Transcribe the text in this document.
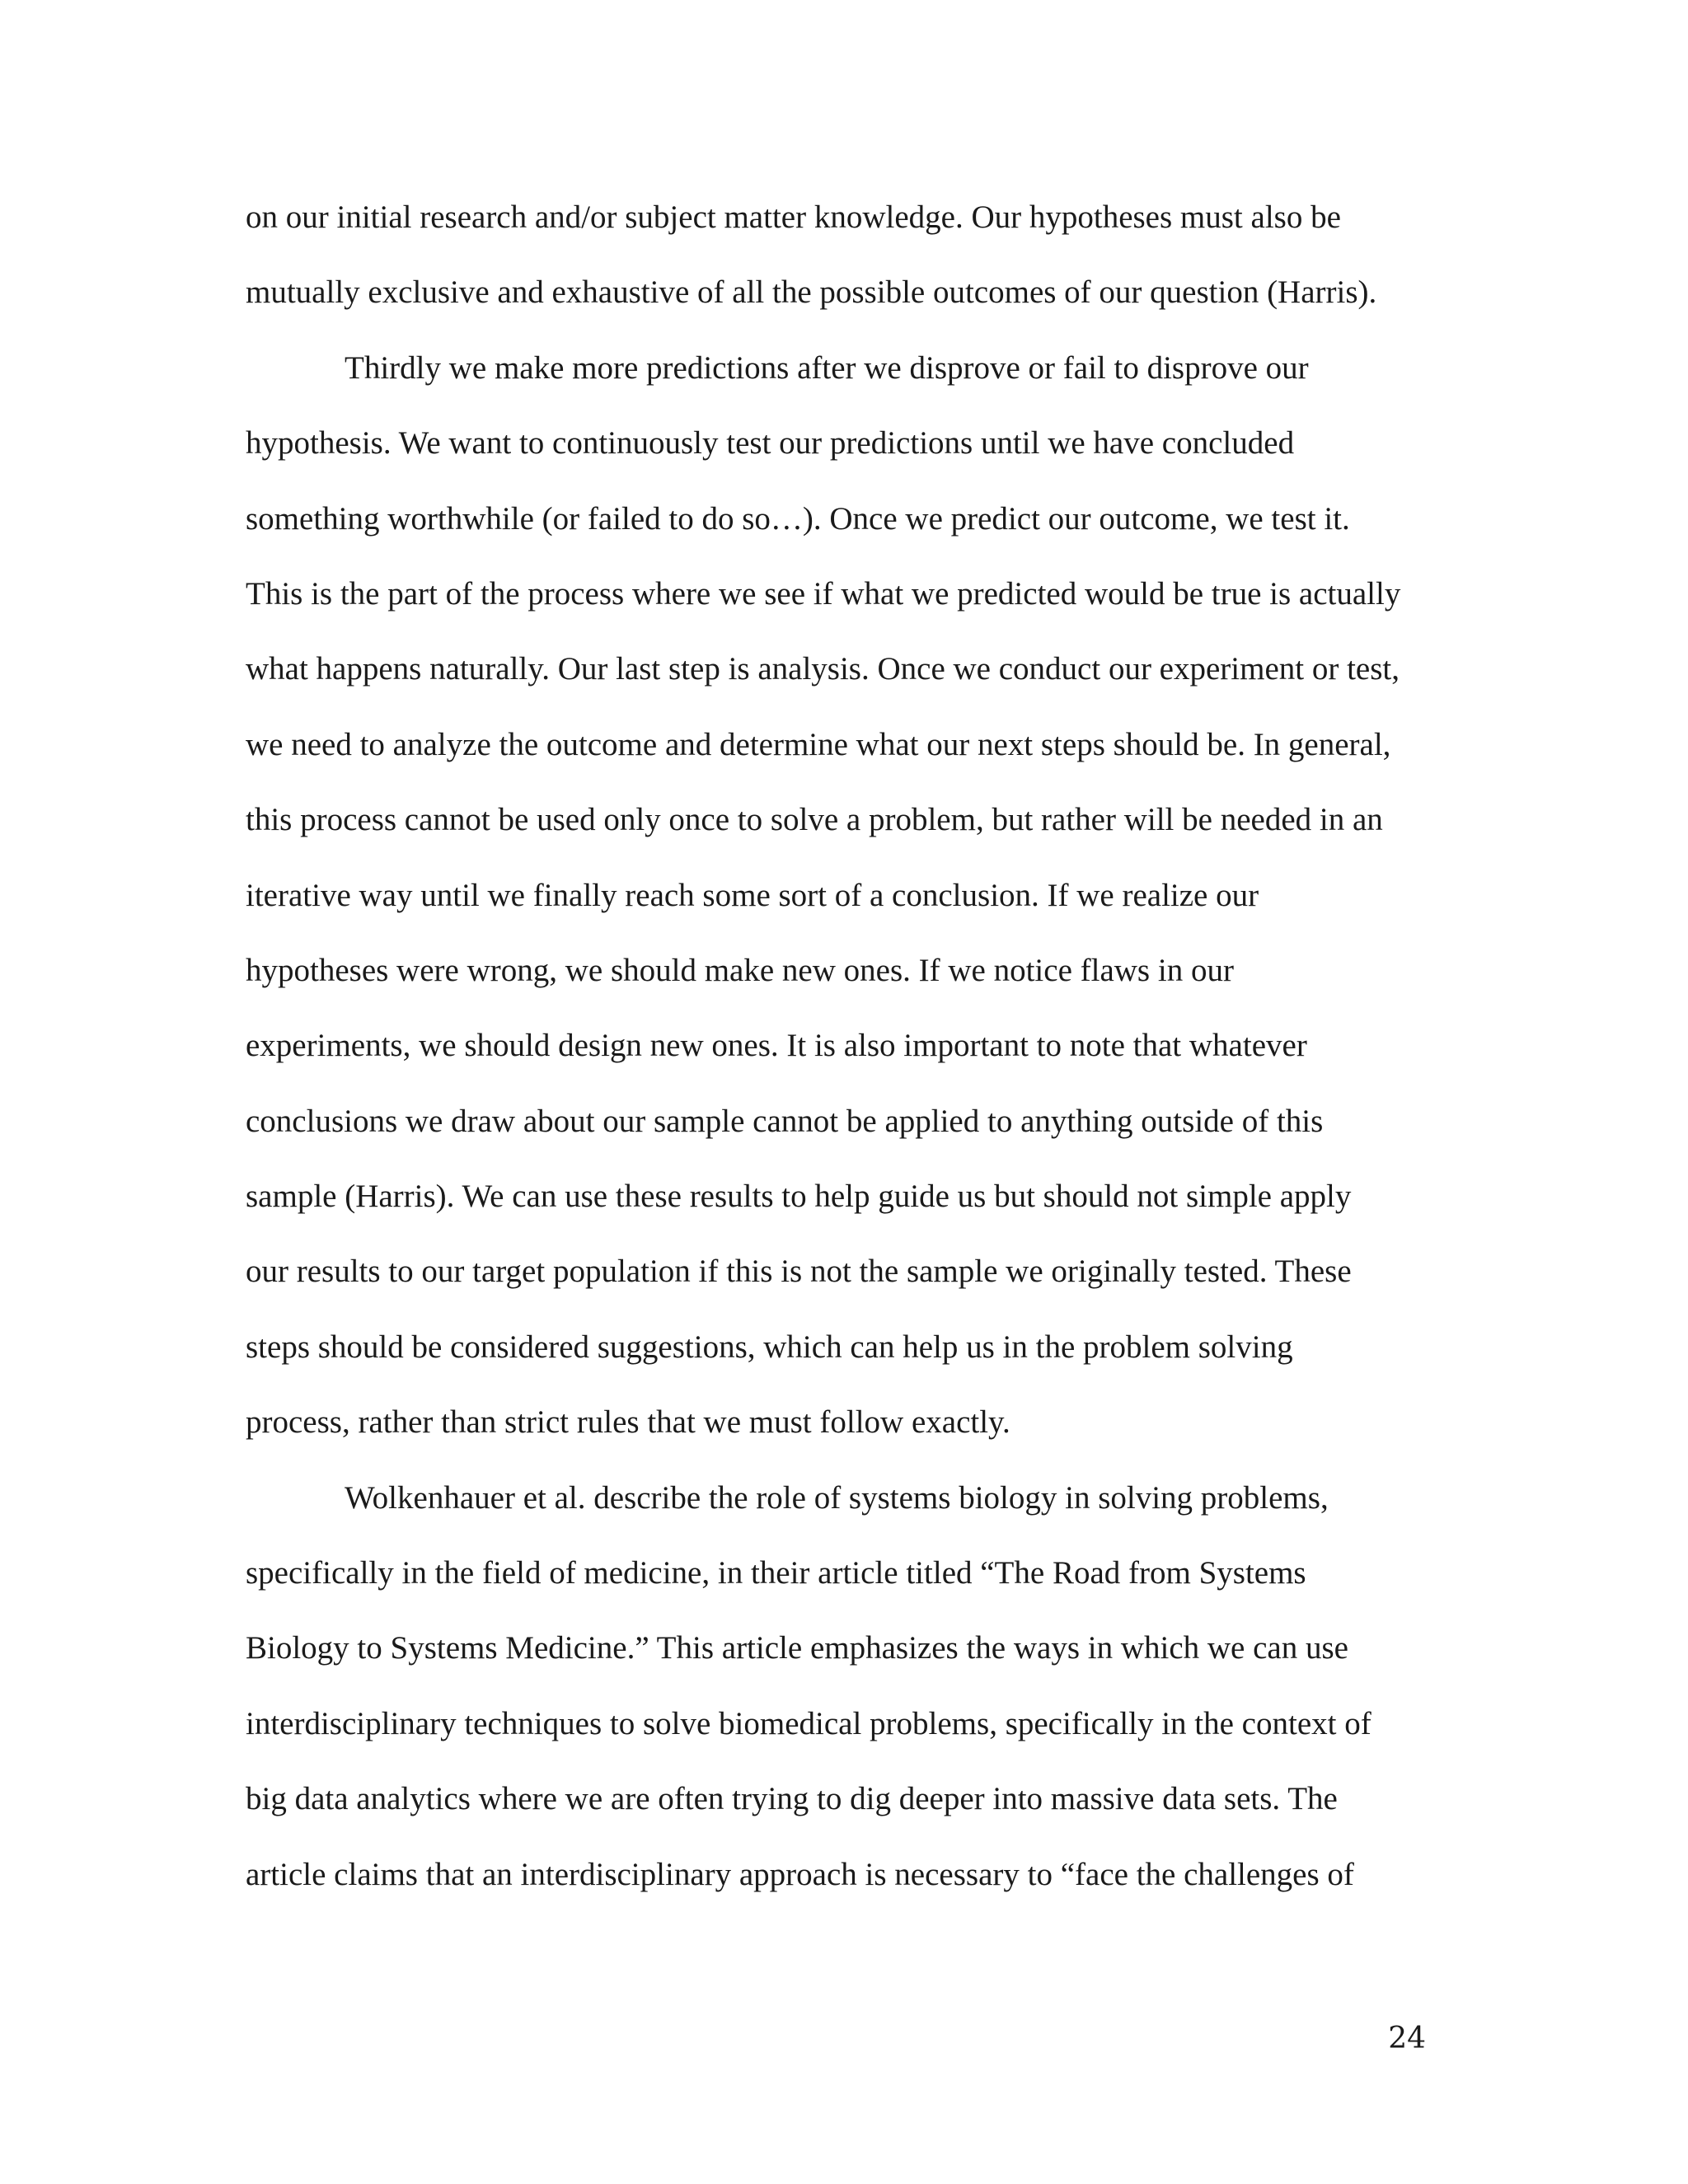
on our initial research and/or subject matter knowledge. Our hypotheses must also be
mutually exclusive and exhaustive of all the possible outcomes of our question (Harris).
Thirdly we make more predictions after we disprove or fail to disprove our
hypothesis. We want to continuously test our predictions until we have concluded
something worthwhile (or failed to do so…). Once we predict our outcome, we test it.
This is the part of the process where we see if what we predicted would be true is actually
what happens naturally. Our last step is analysis. Once we conduct our experiment or test,
we need to analyze the outcome and determine what our next steps should be. In general,
this process cannot be used only once to solve a problem, but rather will be needed in an
iterative way until we finally reach some sort of a conclusion. If we realize our
hypotheses were wrong, we should make new ones. If we notice flaws in our
experiments, we should design new ones. It is also important to note that whatever
conclusions we draw about our sample cannot be applied to anything outside of this
sample (Harris). We can use these results to help guide us but should not simple apply
our results to our target population if this is not the sample we originally tested. These
steps should be considered suggestions, which can help us in the problem solving
process, rather than strict rules that we must follow exactly.
Wolkenhauer et al. describe the role of systems biology in solving problems,
specifically in the field of medicine, in their article titled “The Road from Systems
Biology to Systems Medicine.” This article emphasizes the ways in which we can use
interdisciplinary techniques to solve biomedical problems, specifically in the context of
big data analytics where we are often trying to dig deeper into massive data sets. The
article claims that an interdisciplinary approach is necessary to “face the challenges of
24
